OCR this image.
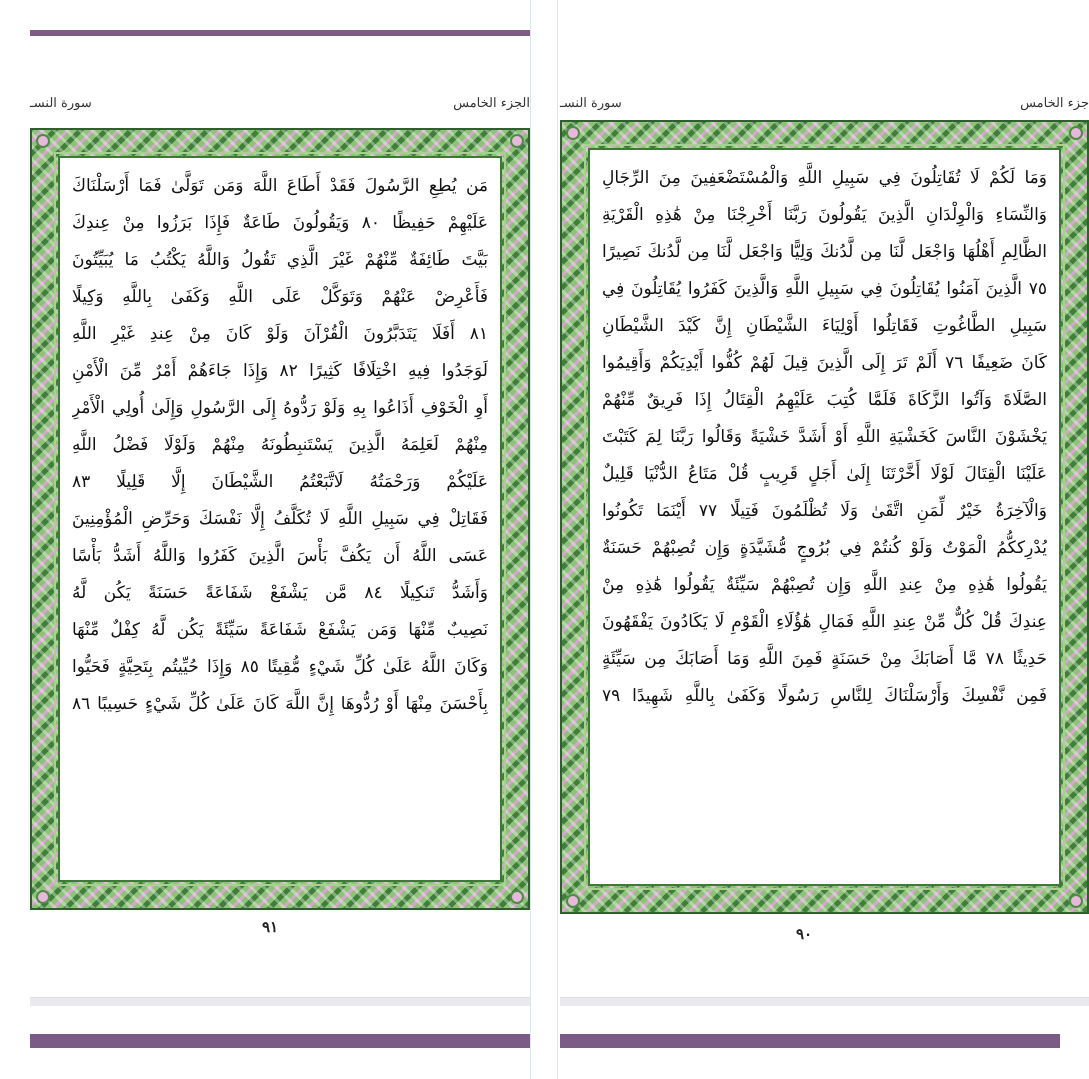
الجزء الخامس
سورة النسـ
مَن يُطِعِ الرَّسُولَ فَقَدْ أَطَاعَ اللَّهَ وَمَن تَوَلَّىٰ فَمَا أَرْسَلْنَاكَ
عَلَيْهِمْ حَفِيظًا ٨٠ وَيَقُولُونَ طَاعَةٌ فَإِذَا بَرَزُوا مِنْ عِندِكَ
بَيَّتَ طَائِفَةٌ مِّنْهُمْ غَيْرَ الَّذِي تَقُولُ وَاللَّهُ يَكْتُبُ مَا يُبَيِّتُونَ
فَأَعْرِضْ عَنْهُمْ وَتَوَكَّلْ عَلَى اللَّهِ وَكَفَىٰ بِاللَّهِ وَكِيلًا
٨١ أَفَلَا يَتَدَبَّرُونَ الْقُرْآنَ وَلَوْ كَانَ مِنْ عِندِ غَيْرِ اللَّهِ
لَوَجَدُوا فِيهِ اخْتِلَافًا كَثِيرًا ٨٢ وَإِذَا جَاءَهُمْ أَمْرٌ مِّنَ الْأَمْنِ
أَوِ الْخَوْفِ أَذَاعُوا بِهِ وَلَوْ رَدُّوهُ إِلَى الرَّسُولِ وَإِلَىٰ أُولِي الْأَمْرِ
مِنْهُمْ لَعَلِمَهُ الَّذِينَ يَسْتَنبِطُونَهُ مِنْهُمْ وَلَوْلَا فَضْلُ اللَّهِ
عَلَيْكُمْ وَرَحْمَتُهُ لَاتَّبَعْتُمُ الشَّيْطَانَ إِلَّا قَلِيلًا ٨٣
فَقَاتِلْ فِي سَبِيلِ اللَّهِ لَا تُكَلَّفُ إِلَّا نَفْسَكَ وَحَرِّضِ الْمُؤْمِنِينَ
عَسَى اللَّهُ أَن يَكُفَّ بَأْسَ الَّذِينَ كَفَرُوا وَاللَّهُ أَشَدُّ بَأْسًا
وَأَشَدُّ تَنكِيلًا ٨٤ مَّن يَشْفَعْ شَفَاعَةً حَسَنَةً يَكُن لَّهُ
نَصِيبٌ مِّنْهَا وَمَن يَشْفَعْ شَفَاعَةً سَيِّئَةً يَكُن لَّهُ كِفْلٌ مِّنْهَا
وَكَانَ اللَّهُ عَلَىٰ كُلِّ شَيْءٍ مُّقِيتًا ٨٥ وَإِذَا حُيِّيتُم بِتَحِيَّةٍ فَحَيُّوا
بِأَحْسَنَ مِنْهَا أَوْ رُدُّوهَا إِنَّ اللَّهَ كَانَ عَلَىٰ كُلِّ شَيْءٍ حَسِيبًا ٨٦
٩١
جزء الخامس
سورة النسـ
وَمَا لَكُمْ لَا تُقَاتِلُونَ فِي سَبِيلِ اللَّهِ وَالْمُسْتَضْعَفِينَ مِنَ الرِّجَالِ
وَالنِّسَاءِ وَالْوِلْدَانِ الَّذِينَ يَقُولُونَ رَبَّنَا أَخْرِجْنَا مِنْ هَٰذِهِ الْقَرْيَةِ
الظَّالِمِ أَهْلُهَا وَاجْعَل لَّنَا مِن لَّدُنكَ وَلِيًّا وَاجْعَل لَّنَا مِن لَّدُنكَ نَصِيرًا
٧٥ الَّذِينَ آمَنُوا يُقَاتِلُونَ فِي سَبِيلِ اللَّهِ وَالَّذِينَ كَفَرُوا يُقَاتِلُونَ فِي
سَبِيلِ الطَّاغُوتِ فَقَاتِلُوا أَوْلِيَاءَ الشَّيْطَانِ إِنَّ كَيْدَ الشَّيْطَانِ
كَانَ ضَعِيفًا ٧٦ أَلَمْ تَرَ إِلَى الَّذِينَ قِيلَ لَهُمْ كُفُّوا أَيْدِيَكُمْ وَأَقِيمُوا
الصَّلَاةَ وَآتُوا الزَّكَاةَ فَلَمَّا كُتِبَ عَلَيْهِمُ الْقِتَالُ إِذَا فَرِيقٌ مِّنْهُمْ
يَخْشَوْنَ النَّاسَ كَخَشْيَةِ اللَّهِ أَوْ أَشَدَّ خَشْيَةً وَقَالُوا رَبَّنَا لِمَ كَتَبْتَ
عَلَيْنَا الْقِتَالَ لَوْلَا أَخَّرْتَنَا إِلَىٰ أَجَلٍ قَرِيبٍ قُلْ مَتَاعُ الدُّنْيَا قَلِيلٌ
وَالْآخِرَةُ خَيْرٌ لِّمَنِ اتَّقَىٰ وَلَا تُظْلَمُونَ فَتِيلًا ٧٧ أَيْنَمَا تَكُونُوا
يُدْرِككُّمُ الْمَوْتُ وَلَوْ كُنتُمْ فِي بُرُوجٍ مُّشَيَّدَةٍ وَإِن تُصِبْهُمْ حَسَنَةٌ
يَقُولُوا هَٰذِهِ مِنْ عِندِ اللَّهِ وَإِن تُصِبْهُمْ سَيِّئَةٌ يَقُولُوا هَٰذِهِ مِنْ
عِندِكَ قُلْ كُلٌّ مِّنْ عِندِ اللَّهِ فَمَالِ هَٰؤُلَاءِ الْقَوْمِ لَا يَكَادُونَ يَفْقَهُونَ
حَدِيثًا ٧٨ مَّا أَصَابَكَ مِنْ حَسَنَةٍ فَمِنَ اللَّهِ وَمَا أَصَابَكَ مِن سَيِّئَةٍ
فَمِن نَّفْسِكَ وَأَرْسَلْنَاكَ لِلنَّاسِ رَسُولًا وَكَفَىٰ بِاللَّهِ شَهِيدًا ٧٩
٩٠
